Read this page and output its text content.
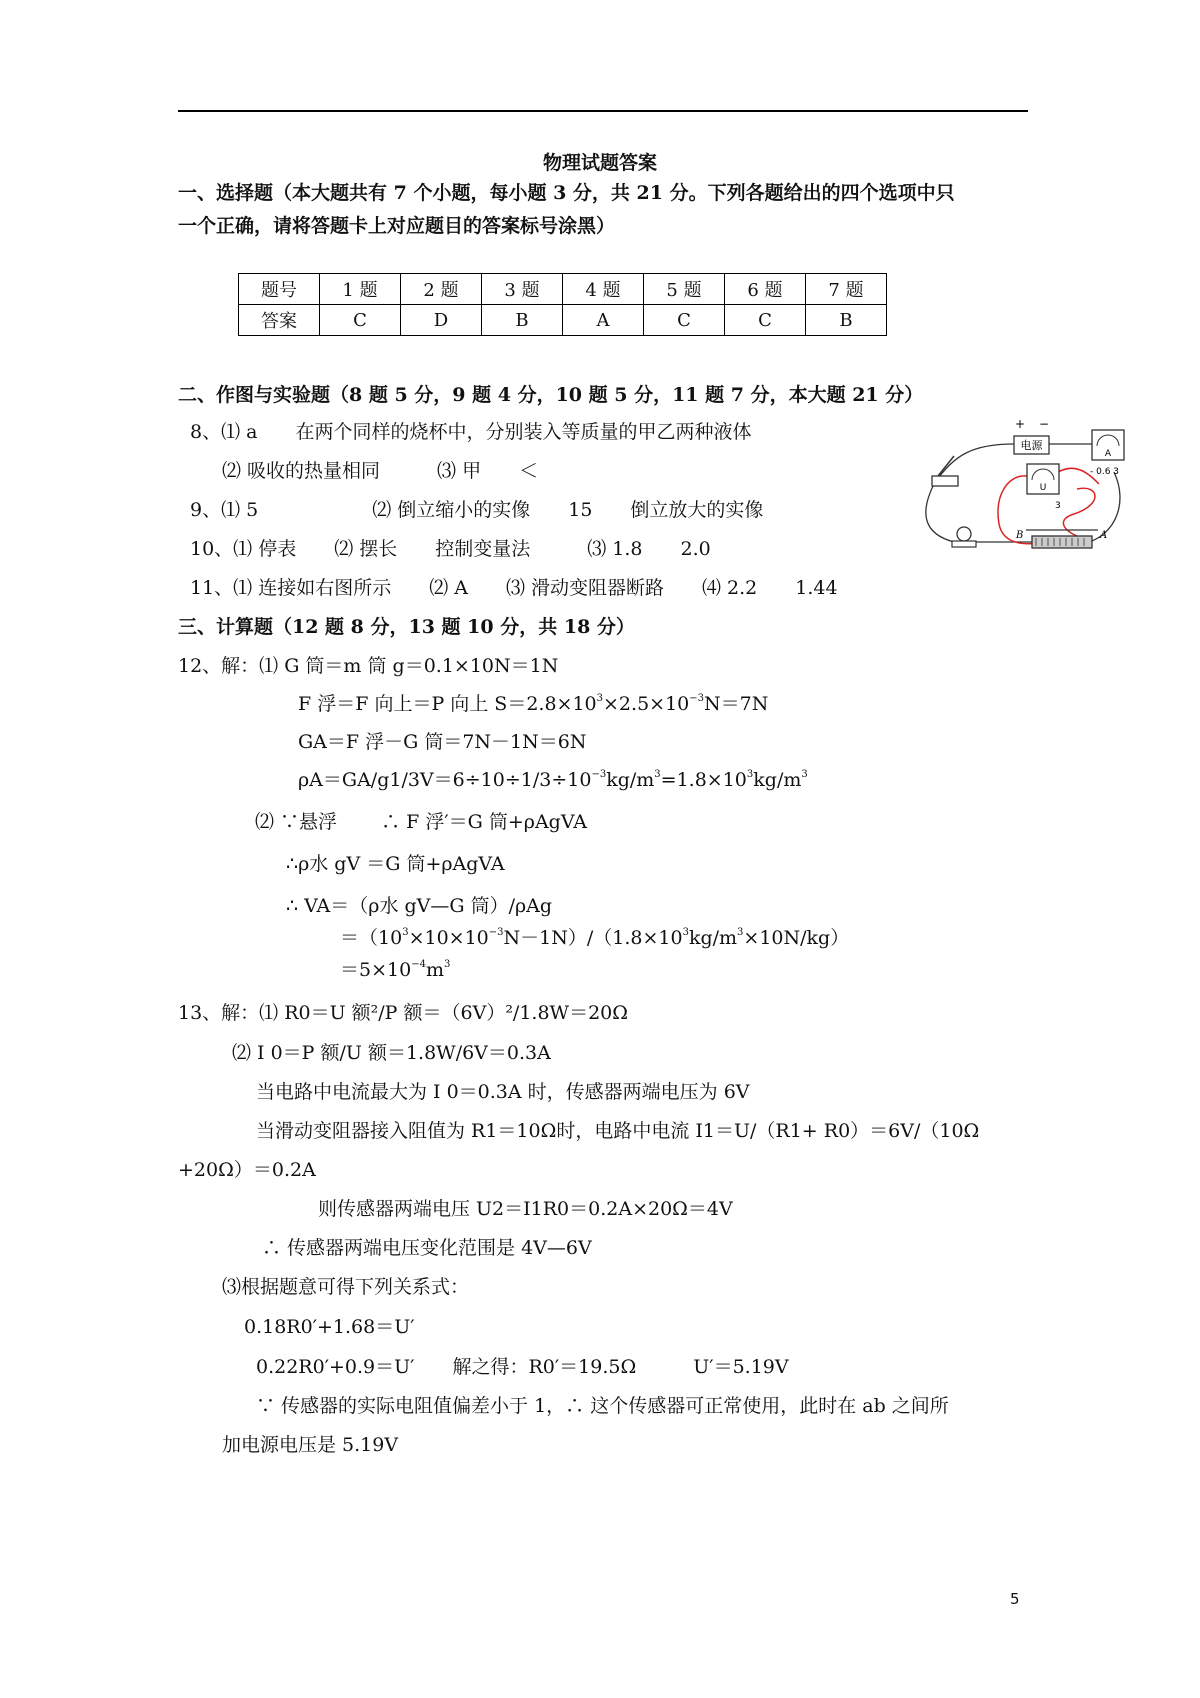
物理试题答案
一、选择题（本大题共有 7 个小题，每小题 3 分，共 21 分。下列各题给出的四个选项中只
一个正确，请将答题卡上对应题目的答案标号涂黑）
题号	1 题	2 题	3 题	4 题	5 题	6 题	7 题
答案	C	D	B	A	C	C	B
二、作图与实验题（8 题 5 分，9 题 4 分，10 题 5 分，11 题 7 分，本大题 21 分）
8、⑴ a　　在两个同样的烧杯中，分别装入等质量的甲乙两种液体
⑵ 吸收的热量相同　　　⑶ 甲　　＜
9、⑴ 5　　　　　　⑵ 倒立缩小的实像　　15　　倒立放大的实像
10、⑴ 停表　　⑵ 摆长　　控制变量法　　　⑶ 1.8　　2.0
11、⑴ 连接如右图所示　　⑵ A　　⑶ 滑动变阻器断路　　⑷ 2.2　　1.44
电源
+ −
A
- 0.6 3
U
3
B	A
三、计算题（12 题 8 分，13 题 10 分，共 18 分）
12、解：⑴ G 筒＝m 筒 g＝0.1×10N＝1N
F 浮＝F 向上＝P 向上 $S=2.8\times 10^3\times 2.5\times 10^{-3}N=7N$
GA＝F 浮－G 筒＝7N－1N＝6N
$\rho A=GA/g1/3V=6\div 10\div 1/3\div 10^{-3}kg/m^3=1.8\times 10^3kg/m^3$
⑵ ∵悬浮　　 ∴ F 浮′＝G 筒+ρAgVA
∴ρ水 gV ＝G 筒+ρAgVA
∴ VA＝（ρ水 gV—G 筒）/ρAg
$=(10^3\times 10\times 10^{-3}N-1N)/(1.8\times 10^3kg/m^3\times 10N/kg)$
$=5\times 10^{-4}m^3$
13、解：⑴ R0＝U 额²/P 额＝（6V）²/1.8W＝20Ω
⑵ I 0＝P 额/U 额＝1.8W/6V＝0.3A
当电路中电流最大为 I 0＝0.3A 时，传感器两端电压为 6V
当滑动变阻器接入阻值为 R1＝10Ω时，电路中电流 I1＝U/（R1+ R0）＝6V/（10Ω
+20Ω）＝0.2A
则传感器两端电压 U2＝I1R0＝0.2A×20Ω＝4V
∴ 传感器两端电压变化范围是 4V—6V
⑶根据题意可得下列关系式：
0.18R0′+1.68＝U′
0.22R0′+0.9＝U′　　解之得：R0′＝19.5Ω　　　U′＝5.19V
∵ 传感器的实际电阻值偏差小于 1，∴ 这个传感器可正常使用，此时在 ab 之间所
加电源电压是 5.19V
5
